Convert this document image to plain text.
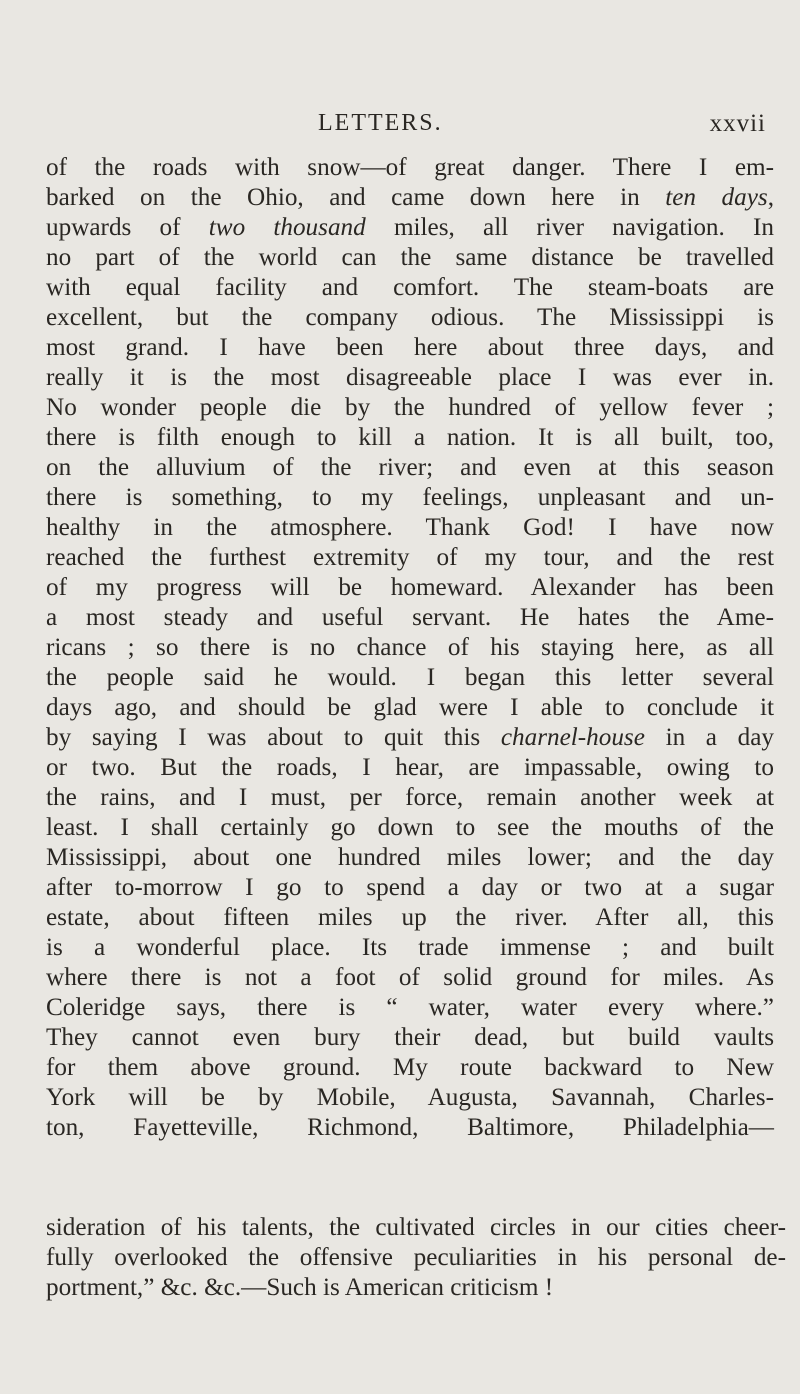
LETTERS.	xxvii
of the roads with snow—of great danger. There I em-
barked on the Ohio, and came down here in ten days,
upwards of two thousand miles, all river navigation. In
no part of the world can the same distance be travelled
with equal facility and comfort. The steam-boats are
excellent, but the company odious. The Mississippi is
most grand. I have been here about three days, and
really it is the most disagreeable place I was ever in.
No wonder people die by the hundred of yellow fever ;
there is filth enough to kill a nation. It is all built, too,
on the alluvium of the river; and even at this season
there is something, to my feelings, unpleasant and un-
healthy in the atmosphere. Thank God! I have now
reached the furthest extremity of my tour, and the rest
of my progress will be homeward. Alexander has been
a most steady and useful servant. He hates the Ame-
ricans ; so there is no chance of his staying here, as all
the people said he would. I began this letter several
days ago, and should be glad were I able to conclude it
by saying I was about to quit this charnel-house in a day
or two. But the roads, I hear, are impassable, owing to
the rains, and I must, per force, remain another week at
least. I shall certainly go down to see the mouths of the
Mississippi, about one hundred miles lower; and the day
after to-morrow I go to spend a day or two at a sugar
estate, about fifteen miles up the river. After all, this
is a wonderful place. Its trade immense ; and built
where there is not a foot of solid ground for miles. As
Coleridge says, there is “ water, water every where.”
They cannot even bury their dead, but build vaults
for them above ground. My route backward to New
York will be by Mobile, Augusta, Savannah, Charles-
ton, Fayetteville, Richmond, Baltimore, Philadelphia—
sideration of his talents, the cultivated circles in our cities cheer-
fully overlooked the offensive peculiarities in his personal de-
portment,” &c. &c.—Such is American criticism !
